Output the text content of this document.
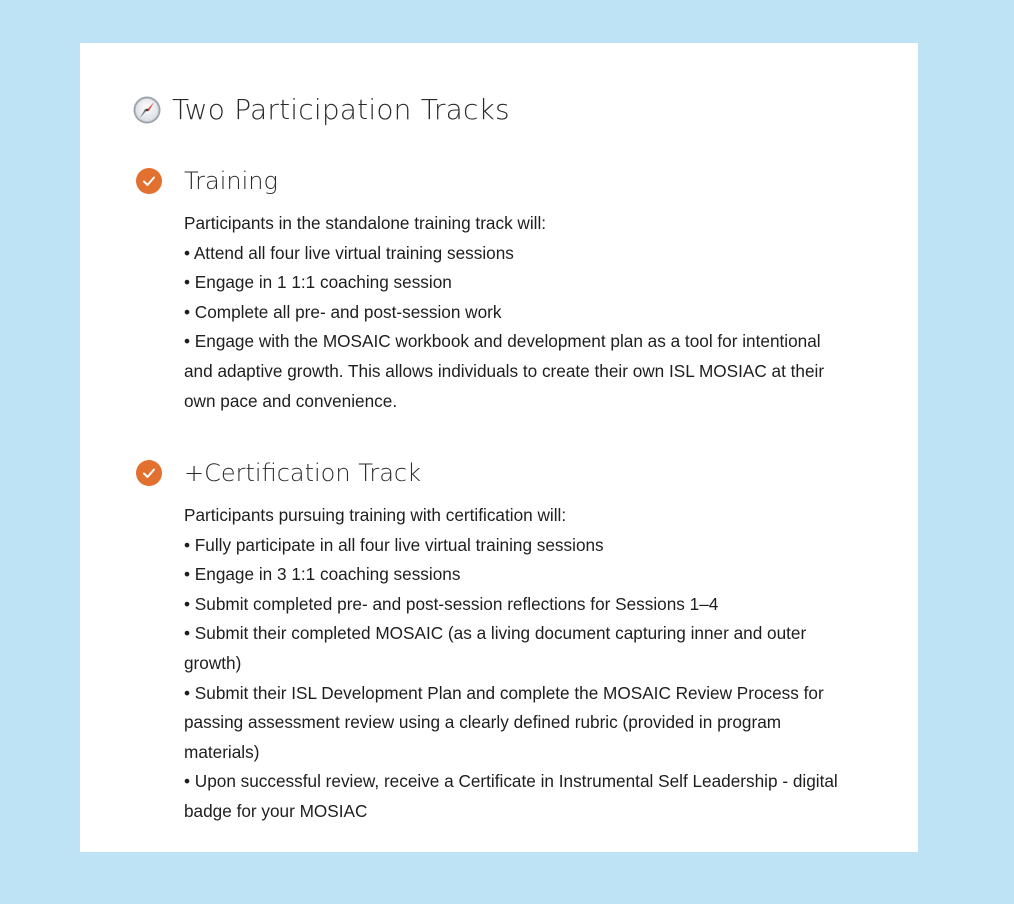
Two Participation Tracks
Training
Participants in the standalone training track will:
• Attend all four live virtual training sessions
• Engage in 1 1:1 coaching session
• Complete all pre- and post-session work
• Engage with the MOSAIC workbook and development plan as a tool for intentional and adaptive growth. This allows individuals to create their own ISL MOSIAC at their own pace and convenience.
+Certification Track
Participants pursuing training with certification will:
• Fully participate in all four live virtual training sessions
• Engage in 3 1:1 coaching sessions
• Submit completed pre- and post-session reflections for Sessions 1–4
• Submit their completed MOSAIC (as a living document capturing inner and outer growth)
• Submit their ISL Development Plan and complete the MOSAIC Review Process for passing assessment review using a clearly defined rubric (provided in program materials)
• Upon successful review, receive a Certificate in Instrumental Self Leadership - digital badge for your MOSIAC
